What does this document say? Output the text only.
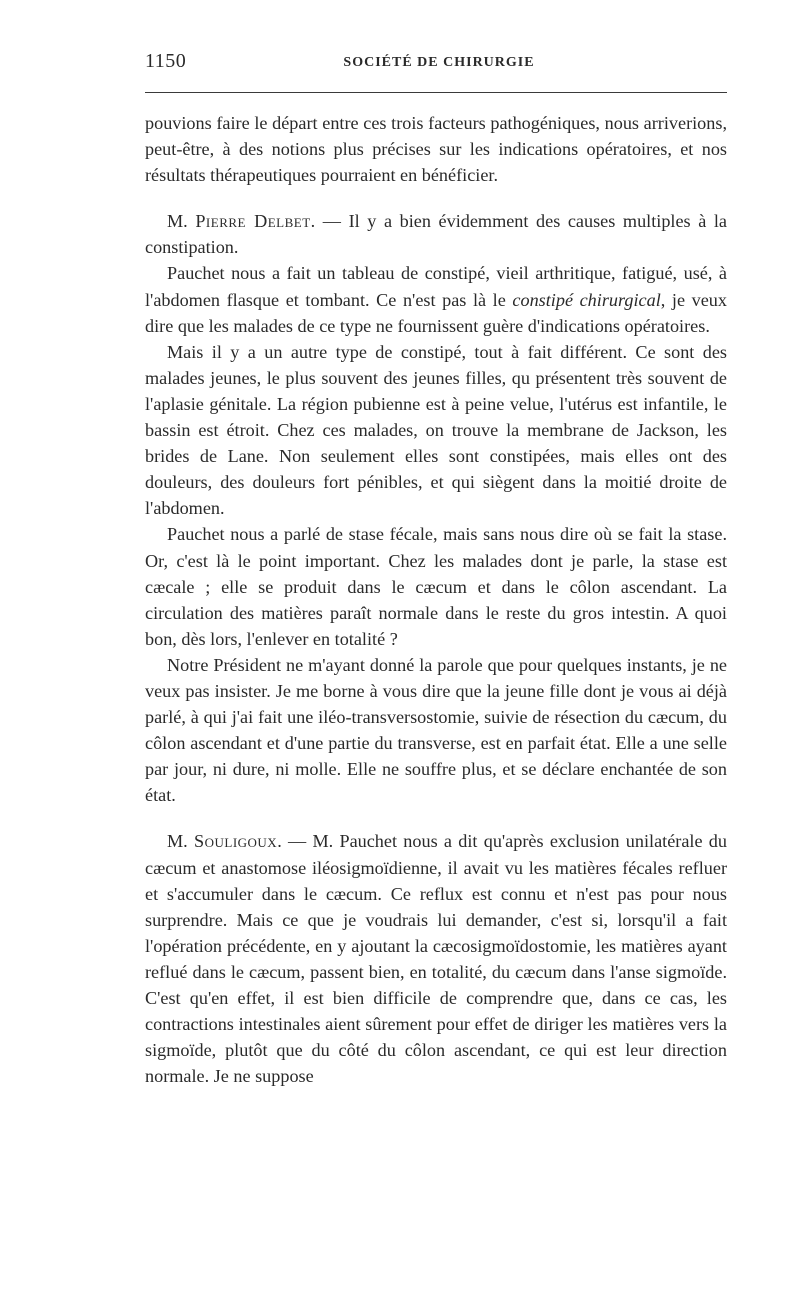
1150	SOCIÉTÉ DE CHIRURGIE

pouvions faire le départ entre ces trois facteurs pathogéniques, nous arriverions, peut-être, à des notions plus précises sur les indications opératoires, et nos résultats thérapeutiques pourraient en bénéficier.

M. Pierre Delbet. — Il y a bien évidemment des causes multiples à la constipation.

Pauchet nous a fait un tableau de constipé, vieil arthritique, fatigué, usé, à l'abdomen flasque et tombant. Ce n'est pas là le constipé chirurgical, je veux dire que les malades de ce type ne fournissent guère d'indications opératoires.

Mais il y a un autre type de constipé, tout à fait différent. Ce sont des malades jeunes, le plus souvent des jeunes filles, qu présentent très souvent de l'aplasie génitale. La région pubienne est à peine velue, l'utérus est infantile, le bassin est étroit. Chez ces malades, on trouve la membrane de Jackson, les brides de Lane. Non seulement elles sont constipées, mais elles ont des douleurs, des douleurs fort pénibles, et qui siègent dans la moitié droite de l'abdomen.

Pauchet nous a parlé de stase fécale, mais sans nous dire où se fait la stase. Or, c'est là le point important. Chez les malades dont je parle, la stase est cæcale ; elle se produit dans le cæcum et dans le côlon ascendant. La circulation des matières paraît normale dans le reste du gros intestin. A quoi bon, dès lors, l'enlever en totalité ?

Notre Président ne m'ayant donné la parole que pour quelques instants, je ne veux pas insister. Je me borne à vous dire que la jeune fille dont je vous ai déjà parlé, à qui j'ai fait une iléo-transversostomie, suivie de résection du cæcum, du côlon ascendant et d'une partie du transverse, est en parfait état. Elle a une selle par jour, ni dure, ni molle. Elle ne souffre plus, et se déclare enchantée de son état.

M. Souligoux. — M. Pauchet nous a dit qu'après exclusion unilatérale du cæcum et anastomose iléosigmoïdienne, il avait vu les matières fécales refluer et s'accumuler dans le cæcum. Ce reflux est connu et n'est pas pour nous surprendre. Mais ce que je voudrais lui demander, c'est si, lorsqu'il a fait l'opération précédente, en y ajoutant la cæcosigmoïdostomie, les matières ayant reflué dans le cæcum, passent bien, en totalité, du cæcum dans l'anse sigmoïde. C'est qu'en effet, il est bien difficile de comprendre que, dans ce cas, les contractions intestinales aient sûrement pour effet de diriger les matières vers la sigmoïde, plutôt que du côté du côlon ascendant, ce qui est leur direction normale. Je ne suppose
